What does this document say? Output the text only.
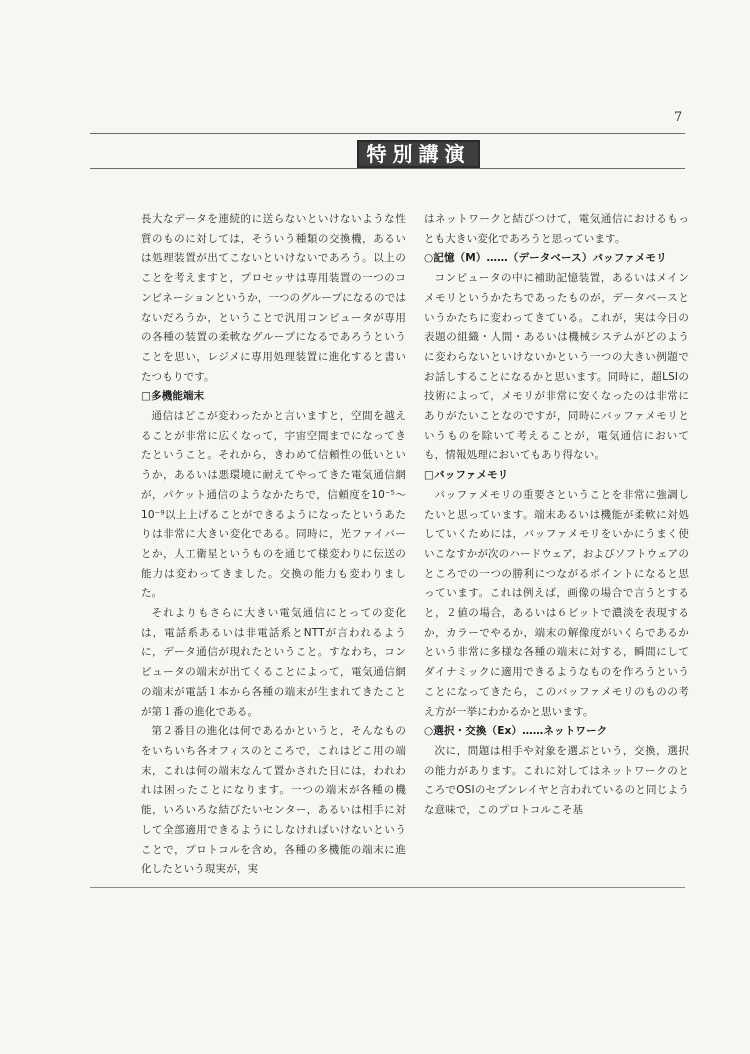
7
特別講演

長大なデータを連続的に送らないといけないような性質のものに対しては，そういう種類の交換機，あるいは処理装置が出てこないといけないであろう。以上のことを考えますと，プロセッサは専用装置の一つのコンビネーションというか，一つのグループになるのではないだろうか，ということで汎用コンピュータが専用の各種の装置の柔軟なグループになるであろうということを思い，レジメに専用処理装置に進化すると書いたつもりです。

□多機能端末

通信はどこが変わったかと言いますと，空間を越えることが非常に広くなって，宇宙空間までになってきたということ。それから，きわめて信頼性の低いというか，あるいは悪環境に耐えてやってきた電気通信網が，パケット通信のようなかたちで，信頼度を10⁻⁵～10⁻⁹以上上げることができるようになったというあたりは非常に大きい変化である。同時に，光ファイバーとか，人工衛星というものを通じて様変わりに伝送の能力は変わってきました。交換の能力も変わりました。

それよりもさらに大きい電気通信にとっての変化は，電話系あるいは非電話系とNTTが言われるように，データ通信が現れたということ。すなわち，コンピュータの端末が出てくることによって，電気通信網の端末が電話１本から各種の端末が生まれてきたことが第１番の進化である。

第２番目の進化は何であるかというと，そんなものをいちいち各オフィスのところで，これはどこ用の端末，これは何の端末なんて置かされた日には，われわれは困ったことになります。一つの端末が各種の機能，いろいろな結びたいセンター，あるいは相手に対して全部適用できるようにしなければいけないということで，プロトコルを含め，各種の多機能の端末に進化したという現実が，実

はネットワークと結びつけて，電気通信におけるもっとも大きい変化であろうと思っています。

○記憶（M）……（データベース）バッファメモリ

コンピュータの中に補助記憶装置，あるいはメインメモリというかたちであったものが，データベースというかたちに変わってきている。これが，実は今日の表題の組織・人間・あるいは機械システムがどのように変わらないといけないかという一つの大きい例題でお話しすることになるかと思います。同時に，超LSIの技術によって，メモリが非常に安くなったのは非常にありがたいことなのですが，同時にバッファメモリというものを除いて考えることが，電気通信においても，情報処理においてもあり得ない。

□バッファメモリ

バッファメモリの重要さということを非常に強調したいと思っています。端末あるいは機能が柔軟に対処していくためには，バッファメモリをいかにうまく使いこなすかが次のハードウェア，およびソフトウェアのところでの一つの勝利につながるポイントになると思っています。これは例えば，画像の場合で言うとすると，２値の場合，あるいは６ビットで濃淡を表現するか，カラーでやるか，端末の解像度がいくらであるかという非常に多様な各種の端末に対する，瞬間にしてダイナミックに適用できるようなものを作ろうということになってきたら，このバッファメモリのものの考え方が一挙にわかるかと思います。

○選択・交換（Ex）……ネットワーク

次に，問題は相手や対象を選ぶという，交換，選択の能力があります。これに対してはネットワークのところでOSIのセブンレイヤと言われているのと同じような意味で，このプロトコルこそ基
